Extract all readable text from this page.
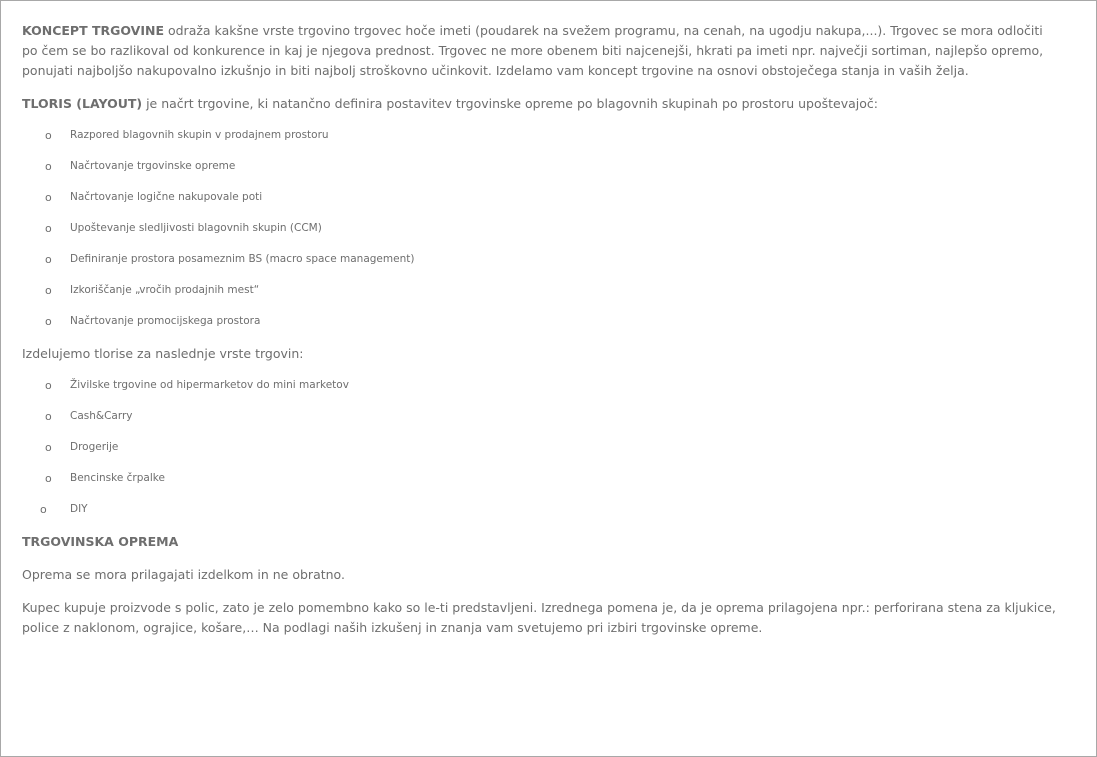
KONCEPT TRGOVINE odraža kakšne vrste trgovino trgovec hoče imeti (poudarek na svežem programu, na cenah, na ugodju nakupa,...). Trgovec se mora odločiti po čem se bo razlikoval od konkurence in kaj je njegova prednost. Trgovec ne more obenem biti najcenejši, hkrati pa imeti npr. največji sortiman, najlepšo opremo, ponujati najboljšo nakupovalno izkušnjo in biti najbolj stroškovno učinkovit. Izdelamo vam koncept trgovine na osnovi obstoječega stanja in vaših želja.

TLORIS (LAYOUT) je načrt trgovine, ki natančno definira postavitev trgovinske opreme po blagovnih skupinah po prostoru upoštevajoč:

o Razpored blagovnih skupin v prodajnem prostoru
o Načrtovanje trgovinske opreme
o Načrtovanje logične nakupovale poti
o Upoštevanje sledljivosti blagovnih skupin (CCM)
o Definiranje prostora posameznim BS (macro space management)
o Izkoriščanje „vročih prodajnih mest“
o Načrtovanje promocijskega prostora

Izdelujemo tlorise za naslednje vrste trgovin:

o Živilske trgovine od hipermarketov do mini marketov
o Cash&Carry
o Drogerije
o Bencinske črpalke
o DIY

TRGOVINSKA OPREMA

Oprema se mora prilagajati izdelkom in ne obratno.

Kupec kupuje proizvode s polic, zato je zelo pomembno kako so le-ti predstavljeni. Izrednega pomena je, da je oprema prilagojena npr.: perforirana stena za kljukice, police z naklonom, ograjice, košare,… Na podlagi naših izkušenj in znanja vam svetujemo pri izbiri trgovinske opreme.
